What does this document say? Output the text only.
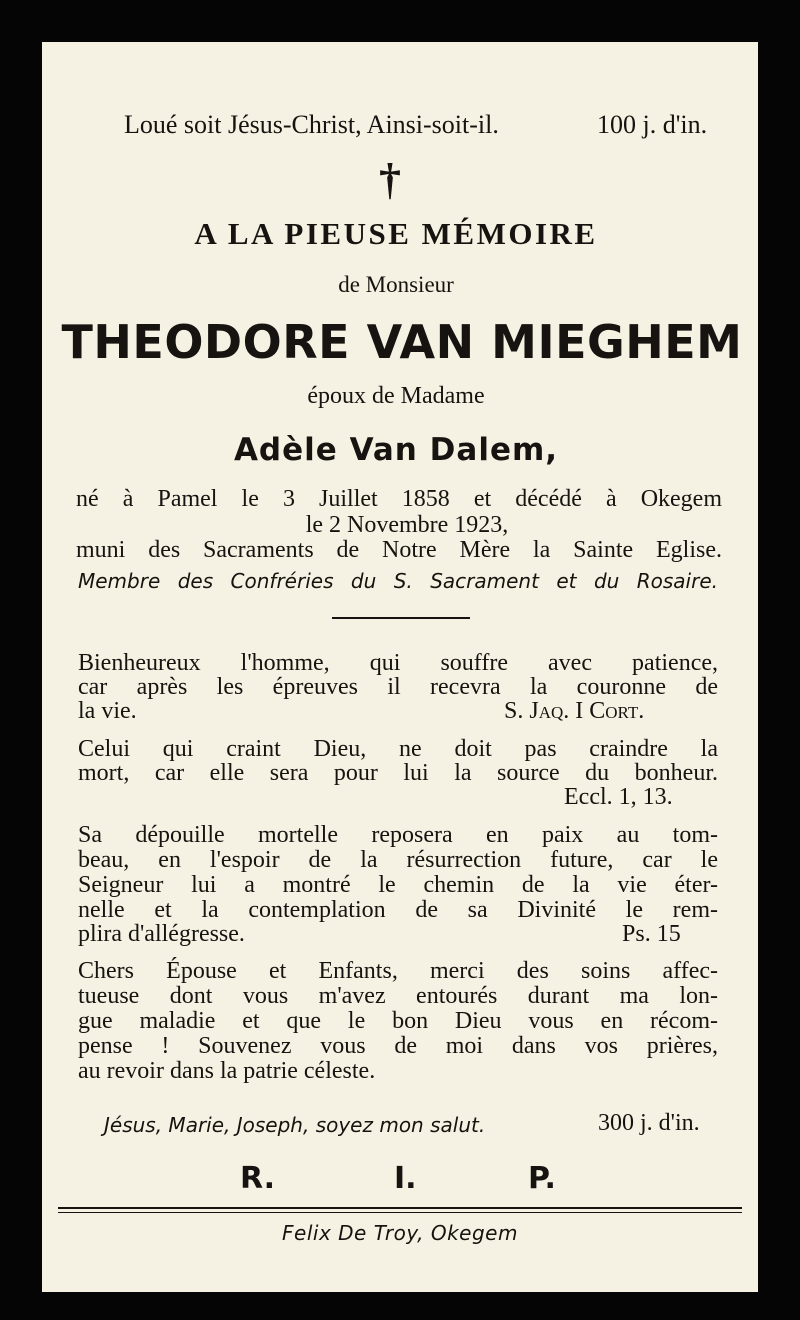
Loué soit Jésus-Christ, Ainsi-soit-il.	100 j. d'in.
†
A LA PIEUSE MÉMOIRE
de Monsieur
THEODORE VAN MIEGHEM
époux de Madame
Adèle Van Dalem,
né à Pamel le 3 Juillet 1858 et décédé à Okegem
le 2 Novembre 1923,
muni des Sacraments de Notre Mère la Sainte Eglise.
Membre des Confréries du S. Sacrament et du Rosaire.
Bienheureux l'homme, qui souffre avec patience,
car après les épreuves il recevra la couronne de
la vie.	S. Jaq. I Cort.
Celui qui craint Dieu, ne doit pas craindre la
mort, car elle sera pour lui la source du bonheur.
Eccl. 1, 13.
Sa dépouille mortelle reposera en paix au tom-
beau, en l'espoir de la résurrection future, car le
Seigneur lui a montré le chemin de la vie éter-
nelle et la contemplation de sa Divinité le rem-
plira d'allégresse.	Ps. 15
Chers Épouse et Enfants, merci des soins affec-
tueuse dont vous m'avez entourés durant ma lon-
gue maladie et que le bon Dieu vous en récom-
pense ! Souvenez vous de moi dans vos prières,
au revoir dans la patrie céleste.
Jésus, Marie, Joseph, soyez mon salut.	300 j. d'in.
R.	I.	P.
Felix De Troy, Okegem
